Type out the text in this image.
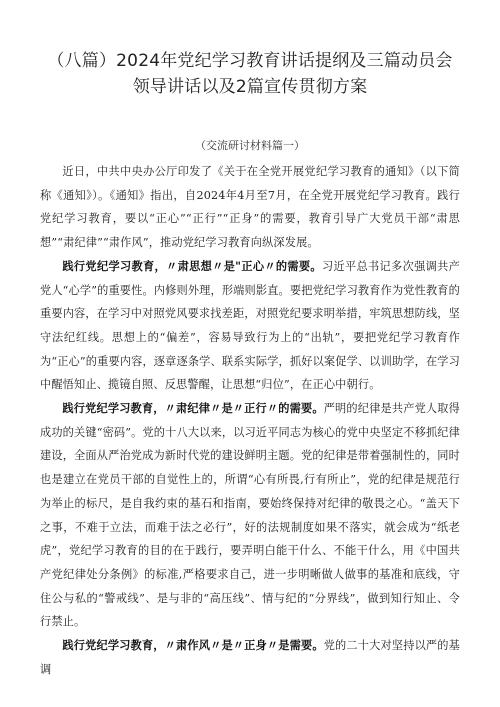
（八篇）2024年党纪学习教育讲话提纲及三篇动员会
领导讲话以及2篇宣传贯彻方案
（交流研讨材料篇一）

近日，中共中央办公厅印发了《关于在全党开展党纪学习教育的通知》（以下简称《通知》）。《通知》指出，自2024年4月至7月，在全党开展党纪学习教育。践行党纪学习教育，要以“正心”“正行”“正身”的需要，教育引导广大党员干部“肃思想”“肃纪律”“肃作风”，推动党纪学习教育向纵深发展。

践行党纪学习教育，〃肃思想〃是"正心〃的需要。习近平总书记多次强调共产党人“心学”的重要性。内修则外理，形端则影直。要把党纪学习教育作为党性教育的重要内容，在学习中对照党风要求找差距，对照党纪要求明举措，牢筑思想防线，坚守法纪红线。思想上的“偏差”，容易导致行为上的“出轨”，要把党纪学习教育作为“正心”的重要内容，逐章逐条学、联系实际学，抓好以案促学、以训助学，在学习中醒悟知止、揽镜自照、反思警醒，让思想“归位”，在正心中朝行。

践行党纪学习教育，〃肃纪律〃是〃正行〃的需要。严明的纪律是共产党人取得成功的关键“密码”。党的十八大以来，以习近平同志为核心的党中央坚定不移抓纪律建设，全面从严治党成为新时代党的建设鲜明主题。党的纪律是带着强制性的，同时也是建立在党员干部的自觉性上的，所谓“心有所畏,行有所止”，党的纪律是规范行为举止的标尺，是自我约束的基石和指南，要始终保持对纪律的敬畏之心。“盖天下之事，不难于立法，而难于法之必行”，好的法规制度如果不落实，就会成为“纸老虎”，党纪学习教育的目的在于践行，要弄明白能干什么、不能干什么，用《中国共产党纪律处分条例》的标准,严格要求自己，进一步明晰做人做事的基准和底线，守住公与私的“警戒线”、是与非的“高压线”、情与纪的“分界线”，做到知行知止、令行禁止。

践行党纪学习教育，〃肃作风〃是〃正身〃是需要。党的二十大对坚持以严的基调
